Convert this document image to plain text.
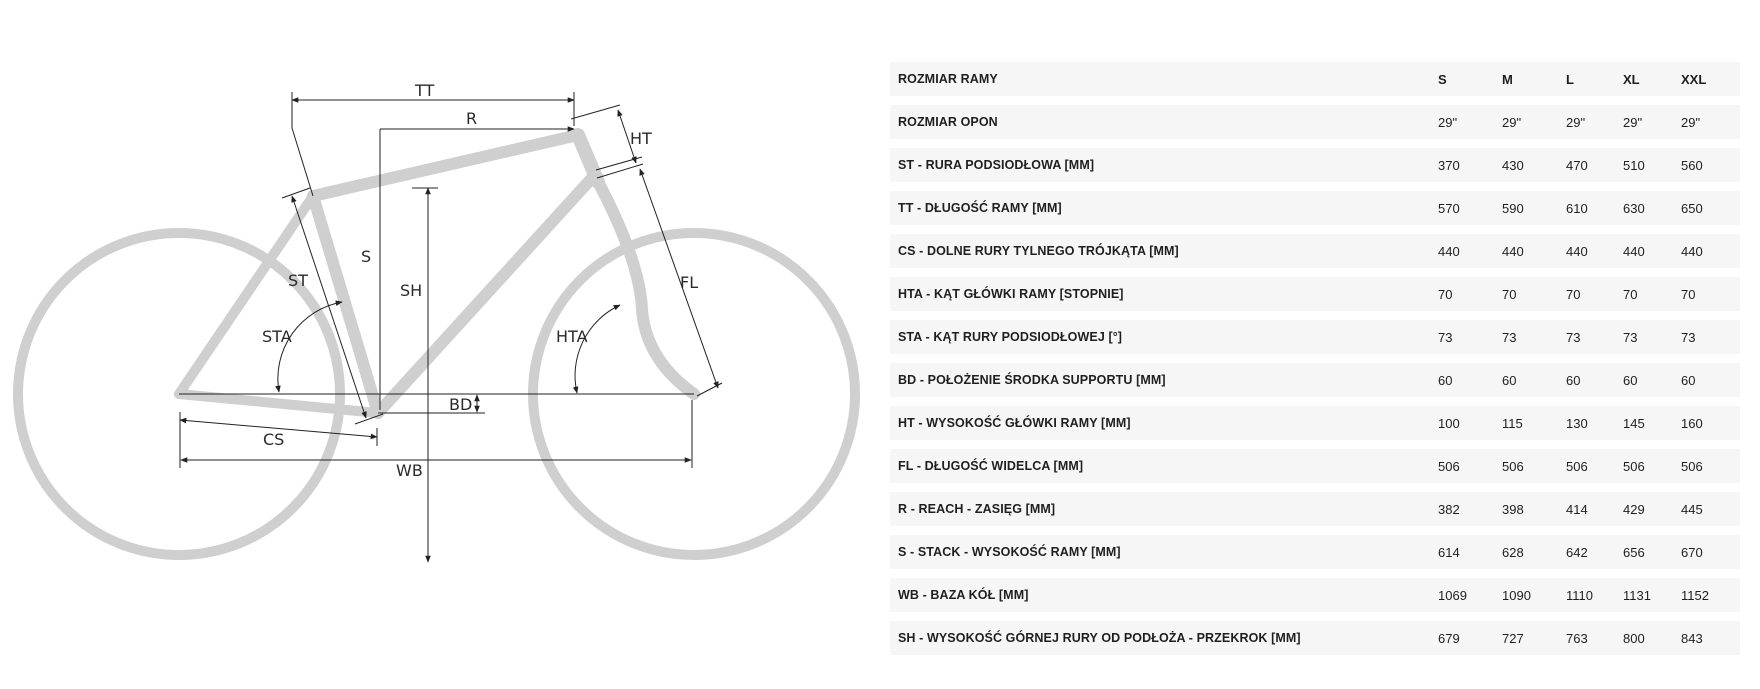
TT
R
HT
S
SH
ST
STA	HTA
FL
BD
CS
WB
ROZMIAR RAMY	S	M	L	XL	XXL
ROZMIAR OPON	29"	29"	29"	29"	29"
ST - RURA PODSIODŁOWA [MM]	370	430	470	510	560
TT - DŁUGOŚĆ RAMY [MM]	570	590	610	630	650
CS - DOLNE RURY TYLNEGO TRÓJKĄTA [MM]	440	440	440	440	440
HTA - KĄT GŁÓWKI RAMY [STOPNIE]	70	70	70	70	70
STA - KĄT RURY PODSIODŁOWEJ [°]	73	73	73	73	73
BD - POŁOŻENIE ŚRODKA SUPPORTU [MM]	60	60	60	60	60
HT - WYSOKOŚĆ GŁÓWKI RAMY [MM]	100	115	130	145	160
FL - DŁUGOŚĆ WIDELCA [MM]	506	506	506	506	506
R - REACH - ZASIĘG [MM]	382	398	414	429	445
S - STACK - WYSOKOŚĆ RAMY [MM]	614	628	642	656	670
WB - BAZA KÓŁ [MM]	1069	1090	1110	1131	1152
SH - WYSOKOŚĆ GÓRNEJ RURY OD PODŁOŻA - PRZEKROK [MM]	679	727	763	800	843
